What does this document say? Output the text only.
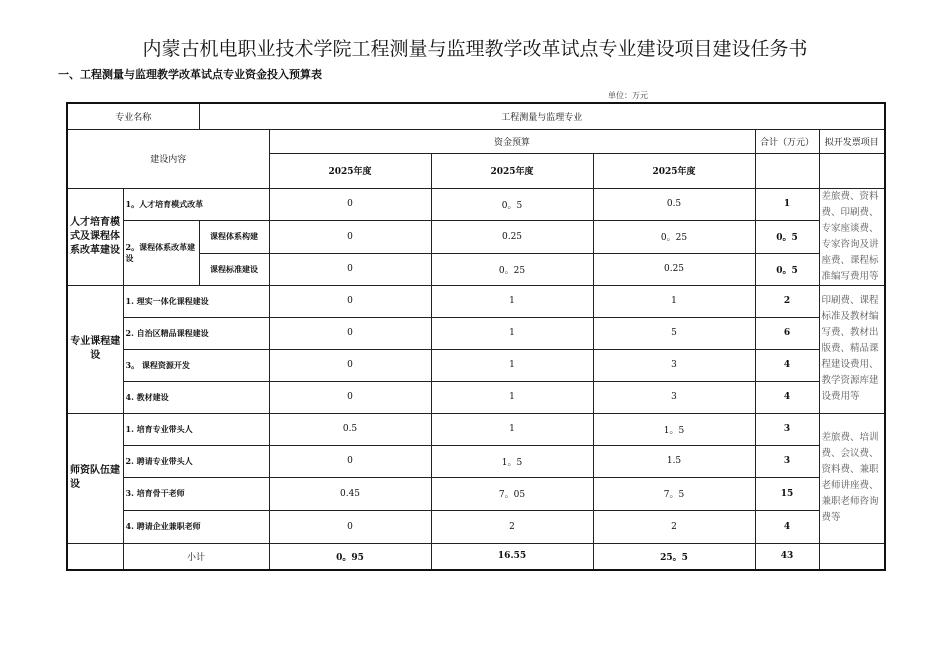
内蒙古机电职业技术学院工程测量与监理教学改革试点专业建设项目建设任务书
一、工程测量与监理教学改革试点专业资金投入预算表
单位：万元
专业名称		工程测量与监理专业					
建设内容			资金预算			合计（万元）	拟开发票项目
			2025年度	2025年度	2025年度		
人才培育模式及课程体系改革建设	1。人才培育模式改革		0	0。5	0.5	1	差旅费、资料费、印刷费、专家座谈费、专家咨询及讲座费、课程标准编写费用等
	2。课程体系改革建设	课程体系构建	0	0.25	0。25	0。5	
		课程标准建设	0	0。25	0.25	0。5	
专业课程建设	1. 理实一体化课程建设		0	1	1	2	印刷费、课程标准及教材编写费、教材出版费、精品课程建设费用、教学资源库建设费用等
	2. 自治区精品课程建设		0	1	5	6	
	3。 课程资源开发		0	1	3	4	
	4. 教材建设		0	1	3	4	
师资队伍建设	1. 培育专业带头人		0.5	1	1。5	3	差旅费、培训费、会议费、资料费、兼职老师讲座费、兼职老师咨询费等
	2. 聘请专业带头人		0	1。5	1.5	3	
	3. 培育骨干老师		0.45	7。05	7。5	15	
	4. 聘请企业兼职老师		0	2	2	4	
	小计		0。95	16.55	25。5	43	
